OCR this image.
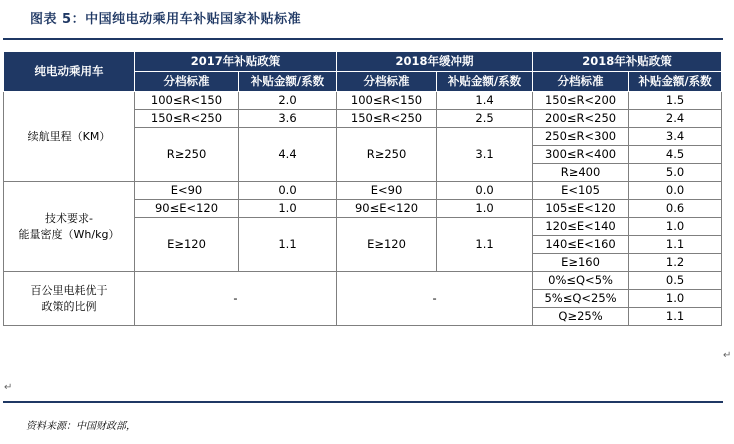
图表 5：中国纯电动乘用车补贴国家补贴标准
纯电动乘用车	2017年补贴政策		2018年缓冲期		2018年补贴政策	
	分档标准	补贴金额/系数	分档标准	补贴金额/系数	分档标准	补贴金额/系数
续航里程（KM）	100≤R<150	2.0	100≤R<150	1.4	150≤R<200	1.5
	150≤R<250	3.6	150≤R<250	2.5	200≤R<250	2.4
	R≥250	4.4	R≥250	3.1	250≤R<300	3.4
					300≤R<400	4.5
					R≥400	5.0

技术要求-
能量密度（Wh/kg）	E<90	0.0	E<90	0.0	E<105	0.0
	90≤E<120	1.0	90≤E<120	1.0	105≤E<120	0.6
	E≥120	1.1	E≥120	1.1	120≤E<140	1.0
					140≤E<160	1.1
					E≥160	1.2

百公里电耗优于
政策的比例	-		-		0%≤Q<5%	0.5
					5%≤Q<25%	1.0
					Q≥25%	1.1
↵
↵
资料来源：中国财政部，
